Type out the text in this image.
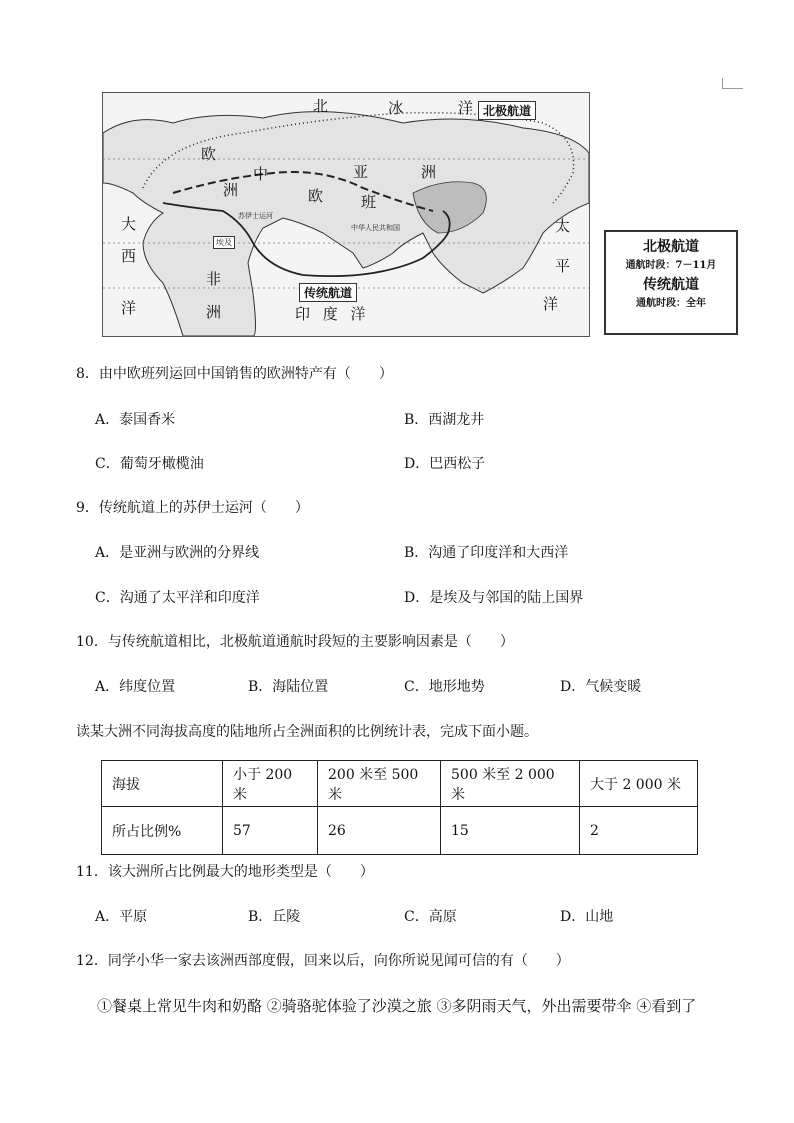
北	冰	洋 北极航道
欧
中	亚	洲
洲	欧	班
苏伊士运河
中华人民共和国
埃及
大
西
洋
非
洲
传统航道
印 度 洋
太
平
洋
北极航道
通航时段：7－11月
传统航道
通航时段：全年
8．由中欧班列运回中国销售的欧洲特产有（　　）
A．泰国香米	B．西湖龙井
C．葡萄牙橄榄油	D．巴西松子
9．传统航道上的苏伊士运河（　　）
A．是亚洲与欧洲的分界线	B．沟通了印度洋和大西洋
C．沟通了太平洋和印度洋	D．是埃及与邻国的陆上国界
10．与传统航道相比，北极航道通航时段短的主要影响因素是（　　）
A．纬度位置	B．海陆位置	C．地形地势	D．气候变暖
读某大洲不同海拔高度的陆地所占全洲面积的比例统计表，完成下面小题。
海拔	小于 200 米	200 米至 500 米	500 米至 2 000 米	大于 2 000 米
所占比例%	57	26	15	2
11．该大洲所占比例最大的地形类型是（　　）
A．平原	B．丘陵	C．高原	D．山地
12．同学小华一家去该洲西部度假，回来以后，向你所说见闻可信的有（　　）
①餐桌上常见牛肉和奶酪 ②骑骆驼体验了沙漠之旅 ③多阴雨天气，外出需要带伞 ④看到了
